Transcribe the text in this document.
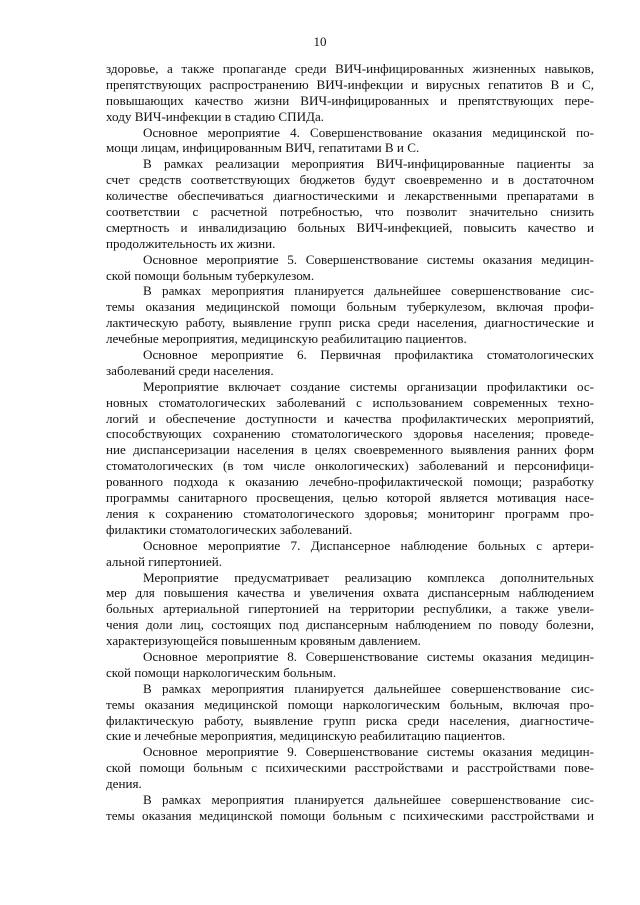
10
здоровье, а также пропаганде среди ВИЧ-инфицированных жизненных навыков,
препятствующих распространению ВИЧ-инфекции и вирусных гепатитов В и С,
повышающих качество жизни ВИЧ-инфицированных и препятствующих пере-
ходу ВИЧ-инфекции в стадию СПИДа.
Основное мероприятие 4. Совершенствование оказания медицинской по-
мощи лицам, инфицированным ВИЧ, гепатитами В и С.
В рамках реализации мероприятия ВИЧ-инфицированные пациенты за
счет средств соответствующих бюджетов будут своевременно и в достаточном
количестве обеспечиваться диагностическими и лекарственными препаратами в
соответствии с расчетной потребностью, что позволит значительно снизить
смертность и инвалидизацию больных ВИЧ-инфекцией, повысить качество и
продолжительность их жизни.
Основное мероприятие 5. Совершенствование системы оказания медицин-
ской помощи больным туберкулезом.
В рамках мероприятия планируется дальнейшее совершенствование сис-
темы оказания медицинской помощи больным туберкулезом, включая профи-
лактическую работу, выявление групп риска среди населения, диагностические и
лечебные мероприятия, медицинскую реабилитацию пациентов.
Основное мероприятие 6. Первичная профилактика стоматологических
заболеваний среди населения.
Мероприятие включает создание системы организации профилактики ос-
новных стоматологических заболеваний с использованием современных техно-
логий и обеспечение доступности и качества профилактических мероприятий,
способствующих сохранению стоматологического здоровья населения; проведе-
ние диспансеризации населения в целях своевременного выявления ранних форм
стоматологических (в том числе онкологических) заболеваний и персонифици-
рованного подхода к оказанию лечебно-профилактической помощи; разработку
программы санитарного просвещения, целью которой является мотивация насе-
ления к сохранению стоматологического здоровья; мониторинг программ про-
филактики стоматологических заболеваний.
Основное мероприятие 7. Диспансерное наблюдение больных с артери-
альной гипертонией.
Мероприятие предусматривает реализацию комплекса дополнительных
мер для повышения качества и увеличения охвата диспансерным наблюдением
больных артериальной гипертонией на территории республики, а также увели-
чения доли лиц, состоящих под диспансерным наблюдением по поводу болезни,
характеризующейся повышенным кровяным давлением.
Основное мероприятие 8. Совершенствование системы оказания медицин-
ской помощи наркологическим больным.
В рамках мероприятия планируется дальнейшее совершенствование сис-
темы оказания медицинской помощи наркологическим больным, включая про-
филактическую работу, выявление групп риска среди населения, диагностиче-
ские и лечебные мероприятия, медицинскую реабилитацию пациентов.
Основное мероприятие 9. Совершенствование системы оказания медицин-
ской помощи больным с психическими расстройствами и расстройствами пове-
дения.
В рамках мероприятия планируется дальнейшее совершенствование сис-
темы оказания медицинской помощи больным с психическими расстройствами и
